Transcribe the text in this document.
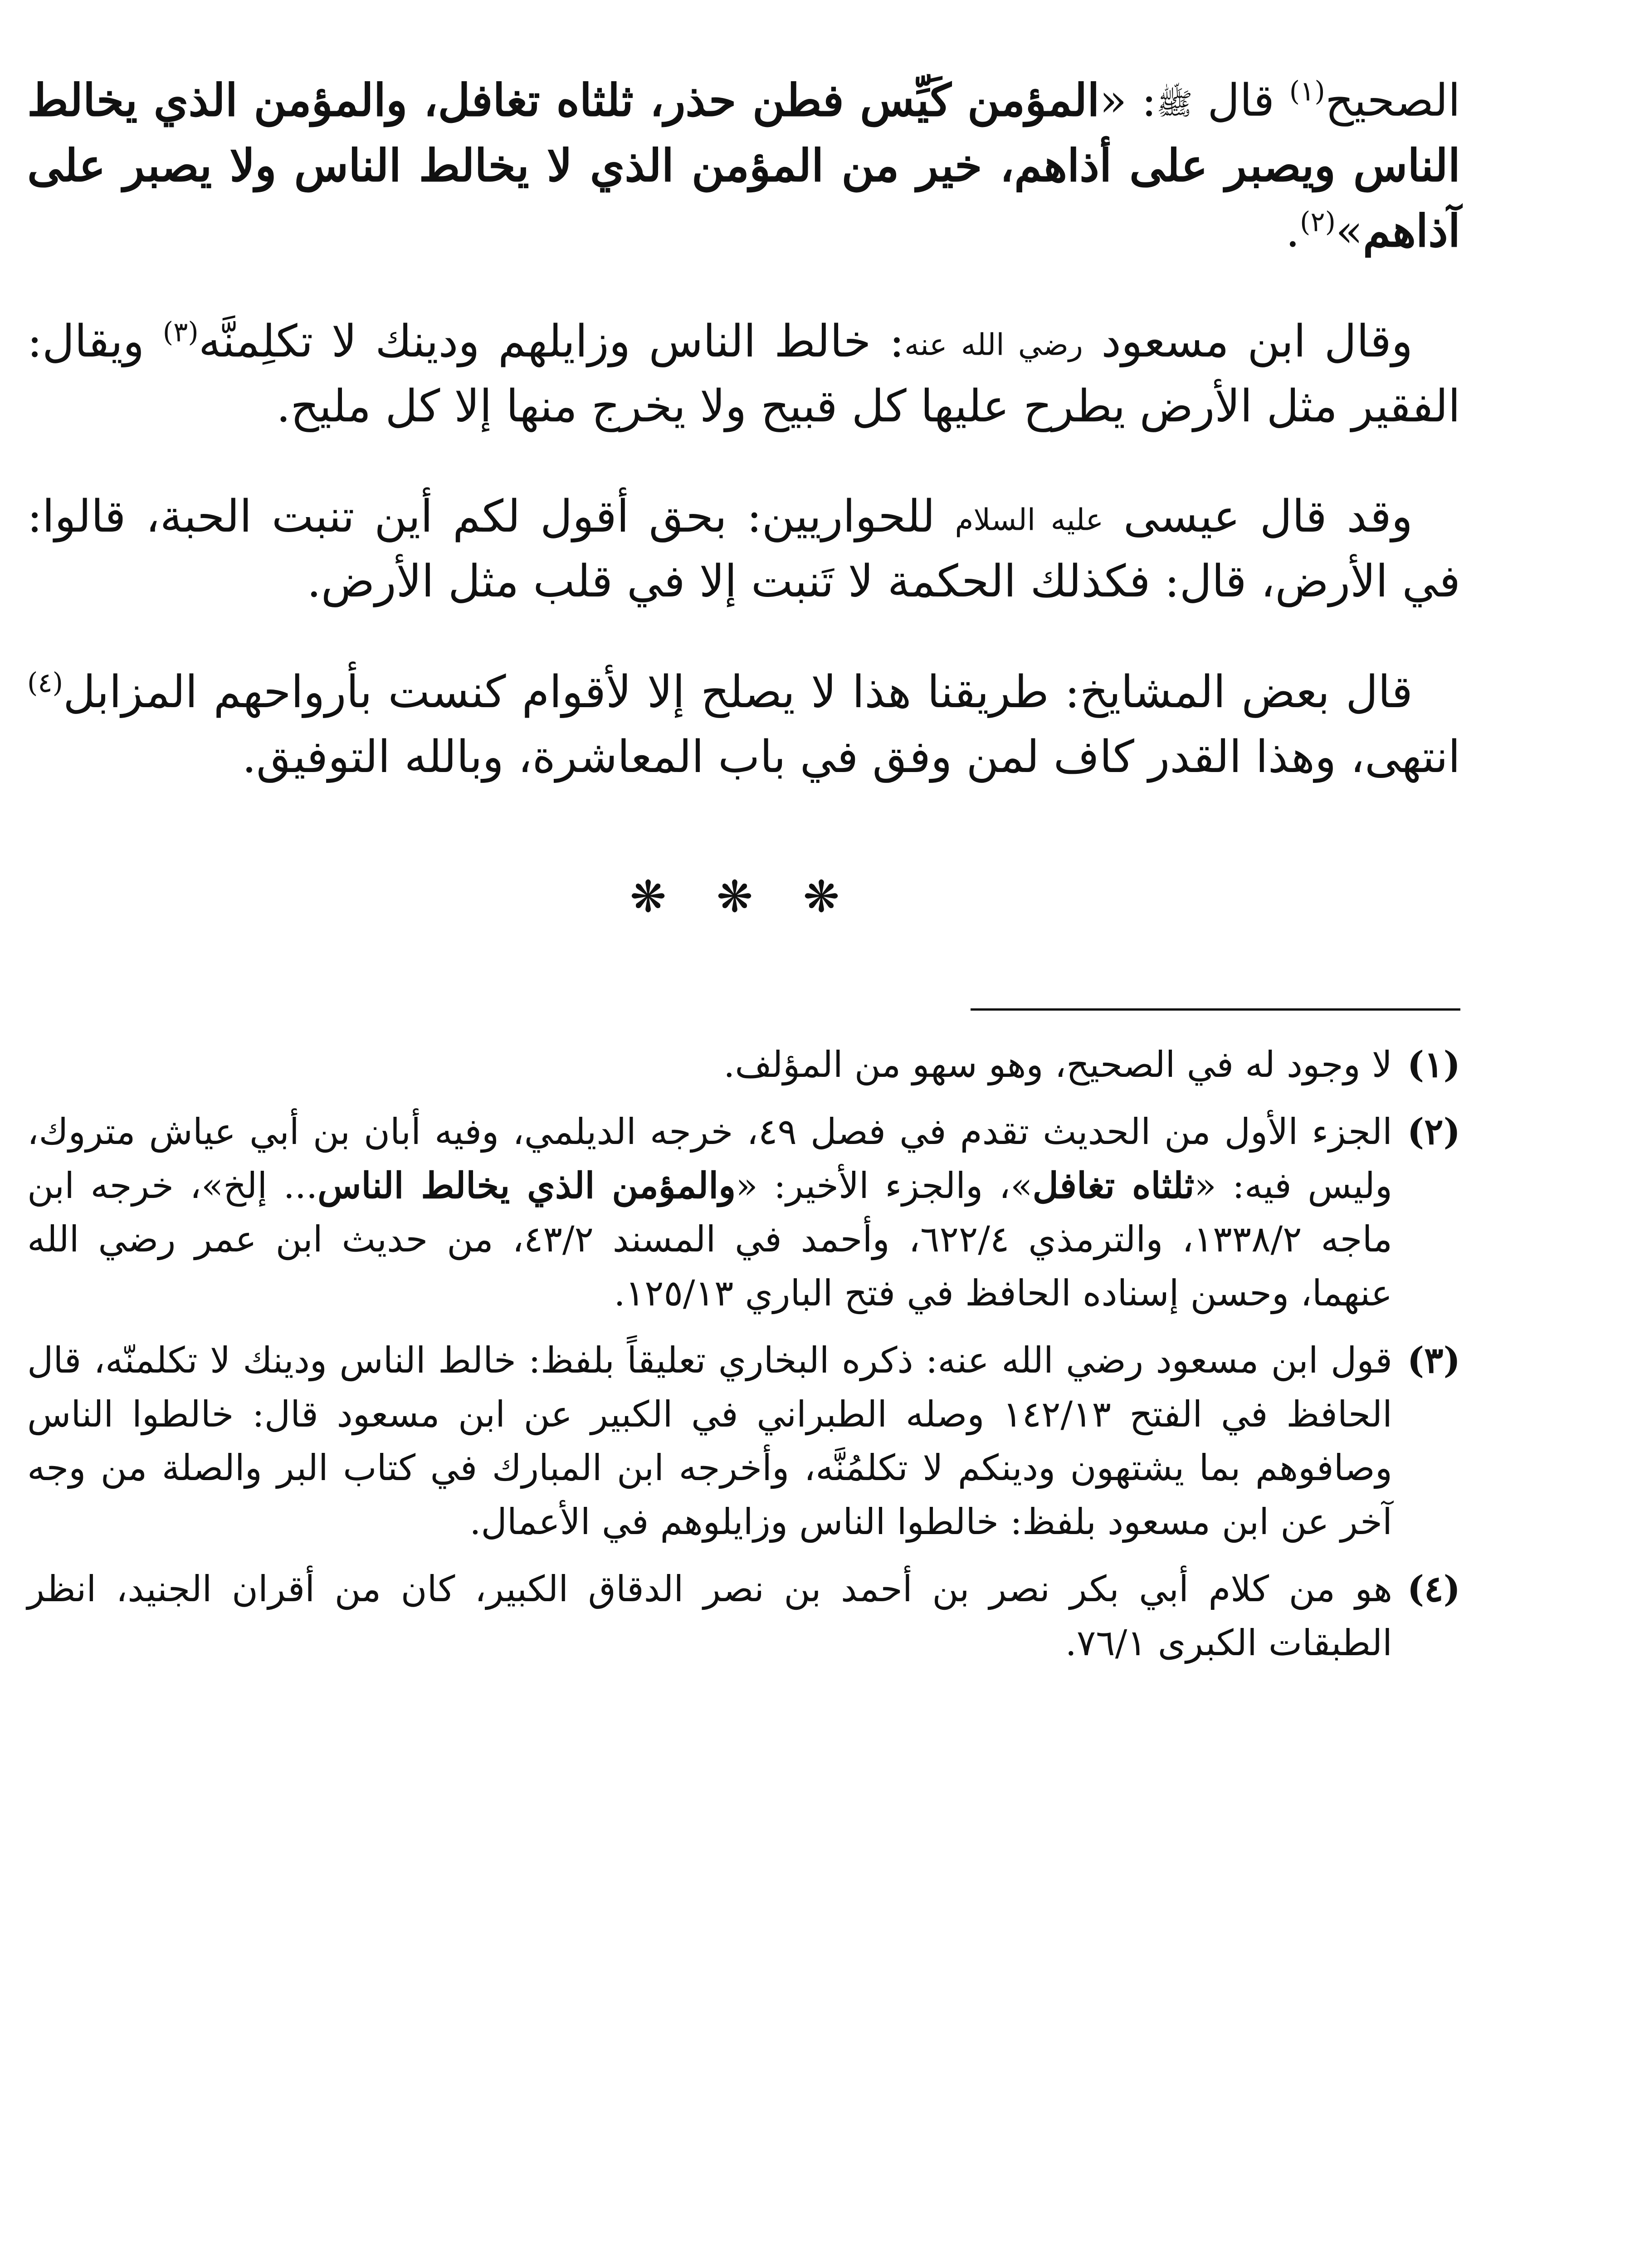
الصحيح$^{(١)}$ قال ﷺ: «المؤمن كَيِّس فطن حذر، ثلثاه تغافل، والمؤمن الذي يخالط الناس ويصبر على أذاهم، خير من المؤمن الذي لا يخالط الناس ولا يصبر على آذاهم»$^{(٢)}$.

وقال ابن مسعود رضي الله عنه: خالط الناس وزايلهم ودينك لا تكلِمنَّه$^{(٣)}$ ويقال: الفقير مثل الأرض يطرح عليها كل قبيح ولا يخرج منها إلا كل مليح.

وقد قال عيسى عليه السلام للحواريين: بحق أقول لكم أين تنبت الحبة، قالوا: في الأرض، قال: فكذلك الحكمة لا تَنبت إلا في قلب مثل الأرض.

قال بعض المشايخ: طريقنا هذا لا يصلح إلا لأقوام كنست بأرواحهم المزابل$^{(٤)}$ انتهى، وهذا القدر كاف لمن وفق في باب المعاشرة، وبالله التوفيق.

❋ ❋ ❋
(١)
لا وجود له في الصحيح، وهو سهو من المؤلف.
(٢)
الجزء الأول من الحديث تقدم في فصل ٤٩، خرجه الديلمي، وفيه أبان بن أبي عياش متروك، وليس فيه: «ثلثاه تغافل»، والجزء الأخير: «والمؤمن الذي يخالط الناس... إلخ»، خرجه ابن ماجه ١٣٣٨/٢، والترمذي ٦٢٢/٤، وأحمد في المسند ٤٣/٢، من حديث ابن عمر رضي الله عنهما، وحسن إسناده الحافظ في فتح الباري ١٢٥/١٣.
(٣)
قول ابن مسعود رضي الله عنه: ذكره البخاري تعليقاً بلفظ: خالط الناس ودينك لا تكلمنّه، قال الحافظ في الفتح ١٤٢/١٣ وصله الطبراني في الكبير عن ابن مسعود قال: خالطوا الناس وصافوهم بما يشتهون ودينكم لا تكلمُنَّه، وأخرجه ابن المبارك في كتاب البر والصلة من وجه آخر عن ابن مسعود بلفظ: خالطوا الناس وزايلوهم في الأعمال.
(٤)
هو من كلام أبي بكر نصر بن أحمد بن نصر الدقاق الكبير، كان من أقران الجنيد، انظر الطبقات الكبرى ٧٦/١.
